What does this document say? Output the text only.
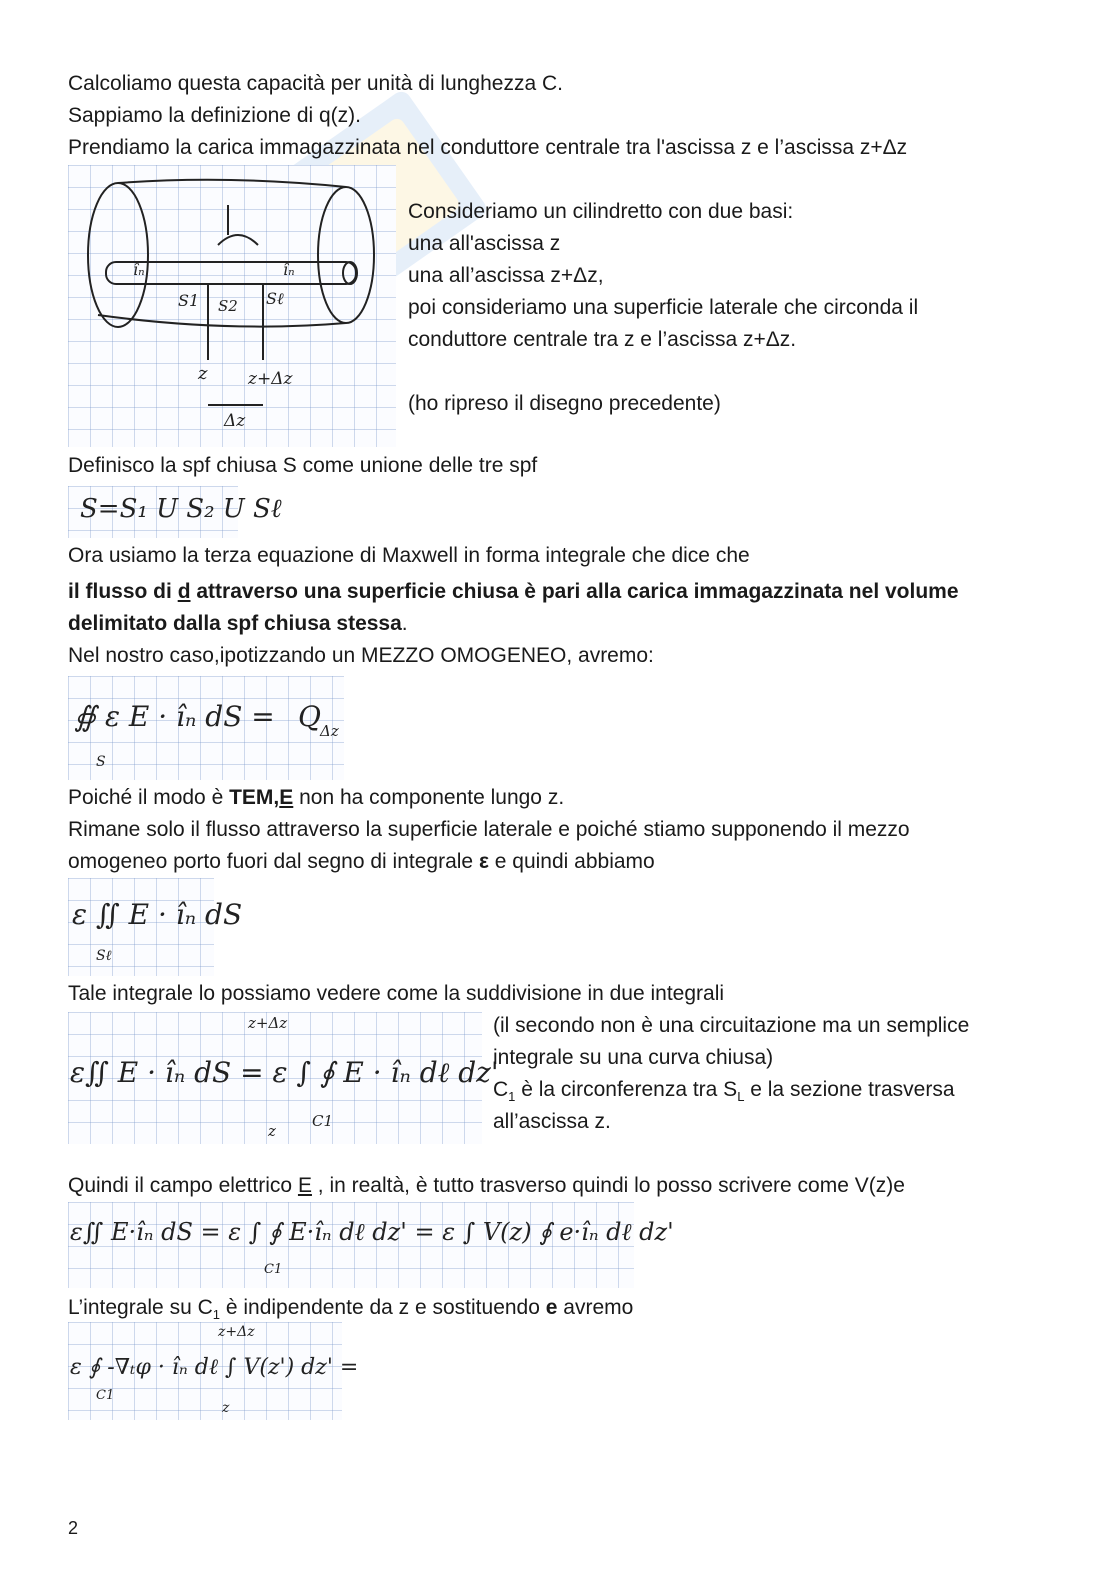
Calcoliamo questa capacità per unità di lunghezza C.
Sappiamo la definizione di q(z).
Prendiamo la carica immagazzinata nel conduttore centrale tra l'ascissa z e l’ascissa z+Δz
îₙ	îₙ
S1 S2 Sℓ
z z+Δz
Δz
Consideriamo un cilindretto con due basi:
una all'ascissa z
una all’ascissa z+Δz,
poi consideriamo una superficie laterale che circonda il
conduttore centrale tra z e l’ascissa z+Δz.
(ho ripreso il disegno precedente)
Definisco la spf chiusa S come unione delle tre spf
S=S₁ U S₂ U Sℓ
Ora usiamo la terza equazione di Maxwell in forma integrale che dice che
il flusso di d attraverso una superficie chiusa è pari alla carica immagazzinata nel volume
delimitato dalla spf chiusa stessa.
Nel nostro caso,ipotizzando un MEZZO OMOGENEO, avremo:
∯ ε E · îₙ dS = Q Δz
S
Poiché il modo è TEM,E non ha componente lungo z.
Rimane solo il flusso attraverso la superficie laterale e poiché stiamo supponendo il mezzo
omogeneo porto fuori dal segno di integrale ε e quindi abbiamo
ε ∬ E · îₙ dS
Sℓ
Tale integrale lo possiamo vedere come la suddivisione in due integrali
ε∬ E · îₙ dS = ε ∫ ∮ E · îₙ dℓ dz'
z+Δz
z
C1
(il secondo non è una circuitazione ma un semplice
integrale su una curva chiusa)
$C_1$ è la circonferenza tra $S_L$ e la sezione trasversa
all’ascissa z.
Quindi il campo elettrico E , in realtà, è tutto trasverso quindi lo posso scrivere come V(z)e
ε∬ E·îₙ dS = ε ∫ ∮ E·îₙ dℓ dz' = ε ∫ V(z) ∮ e·îₙ dℓ dz'
C1
L’integrale su $C_1$ è indipendente da z e sostituendo e avremo
ε ∮ -∇ₜφ · îₙ dℓ ∫ V(z') dz' =
z+Δz
z
C1
2
